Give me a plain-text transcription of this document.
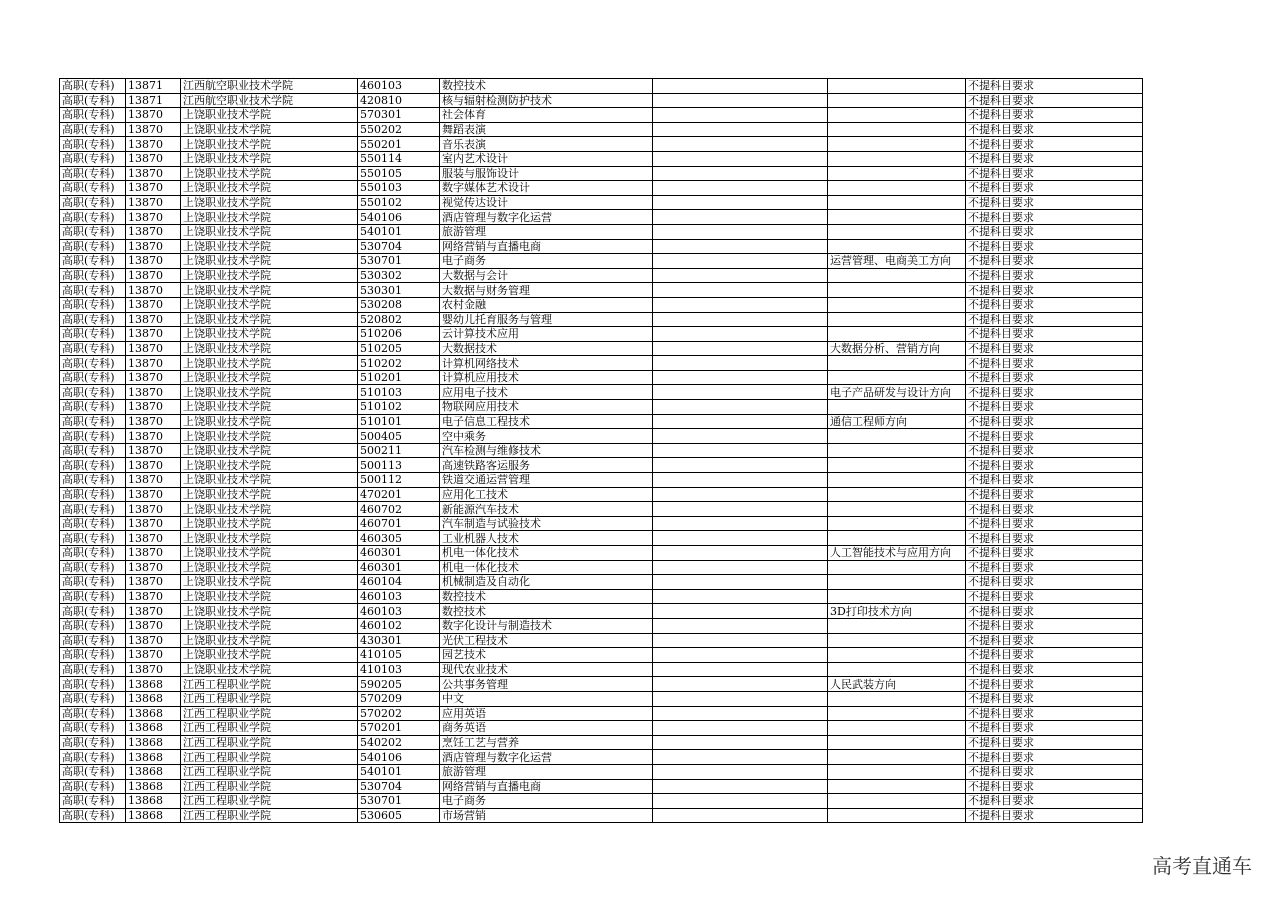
高职(专科)	13871	江西航空职业技术学院	460103	数控技术			不提科目要求
高职(专科)	13871	江西航空职业技术学院	420810	核与辐射检测防护技术			不提科目要求
高职(专科)	13870	上饶职业技术学院	570301	社会体育			不提科目要求
高职(专科)	13870	上饶职业技术学院	550202	舞蹈表演			不提科目要求
高职(专科)	13870	上饶职业技术学院	550201	音乐表演			不提科目要求
高职(专科)	13870	上饶职业技术学院	550114	室内艺术设计			不提科目要求
高职(专科)	13870	上饶职业技术学院	550105	服装与服饰设计			不提科目要求
高职(专科)	13870	上饶职业技术学院	550103	数字媒体艺术设计			不提科目要求
高职(专科)	13870	上饶职业技术学院	550102	视觉传达设计			不提科目要求
高职(专科)	13870	上饶职业技术学院	540106	酒店管理与数字化运营			不提科目要求
高职(专科)	13870	上饶职业技术学院	540101	旅游管理			不提科目要求
高职(专科)	13870	上饶职业技术学院	530704	网络营销与直播电商			不提科目要求
高职(专科)	13870	上饶职业技术学院	530701	电子商务		运营管理、电商美工方向	不提科目要求
高职(专科)	13870	上饶职业技术学院	530302	大数据与会计			不提科目要求
高职(专科)	13870	上饶职业技术学院	530301	大数据与财务管理			不提科目要求
高职(专科)	13870	上饶职业技术学院	530208	农村金融			不提科目要求
高职(专科)	13870	上饶职业技术学院	520802	婴幼儿托育服务与管理			不提科目要求
高职(专科)	13870	上饶职业技术学院	510206	云计算技术应用			不提科目要求
高职(专科)	13870	上饶职业技术学院	510205	大数据技术		大数据分析、营销方向	不提科目要求
高职(专科)	13870	上饶职业技术学院	510202	计算机网络技术			不提科目要求
高职(专科)	13870	上饶职业技术学院	510201	计算机应用技术			不提科目要求
高职(专科)	13870	上饶职业技术学院	510103	应用电子技术		电子产品研发与设计方向	不提科目要求
高职(专科)	13870	上饶职业技术学院	510102	物联网应用技术			不提科目要求
高职(专科)	13870	上饶职业技术学院	510101	电子信息工程技术		通信工程师方向	不提科目要求
高职(专科)	13870	上饶职业技术学院	500405	空中乘务			不提科目要求
高职(专科)	13870	上饶职业技术学院	500211	汽车检测与维修技术			不提科目要求
高职(专科)	13870	上饶职业技术学院	500113	高速铁路客运服务			不提科目要求
高职(专科)	13870	上饶职业技术学院	500112	铁道交通运营管理			不提科目要求
高职(专科)	13870	上饶职业技术学院	470201	应用化工技术			不提科目要求
高职(专科)	13870	上饶职业技术学院	460702	新能源汽车技术			不提科目要求
高职(专科)	13870	上饶职业技术学院	460701	汽车制造与试验技术			不提科目要求
高职(专科)	13870	上饶职业技术学院	460305	工业机器人技术			不提科目要求
高职(专科)	13870	上饶职业技术学院	460301	机电一体化技术		人工智能技术与应用方向	不提科目要求
高职(专科)	13870	上饶职业技术学院	460301	机电一体化技术			不提科目要求
高职(专科)	13870	上饶职业技术学院	460104	机械制造及自动化			不提科目要求
高职(专科)	13870	上饶职业技术学院	460103	数控技术			不提科目要求
高职(专科)	13870	上饶职业技术学院	460103	数控技术		3D打印技术方向	不提科目要求
高职(专科)	13870	上饶职业技术学院	460102	数字化设计与制造技术			不提科目要求
高职(专科)	13870	上饶职业技术学院	430301	光伏工程技术			不提科目要求
高职(专科)	13870	上饶职业技术学院	410105	园艺技术			不提科目要求
高职(专科)	13870	上饶职业技术学院	410103	现代农业技术			不提科目要求
高职(专科)	13868	江西工程职业学院	590205	公共事务管理		人民武装方向	不提科目要求
高职(专科)	13868	江西工程职业学院	570209	中文			不提科目要求
高职(专科)	13868	江西工程职业学院	570202	应用英语			不提科目要求
高职(专科)	13868	江西工程职业学院	570201	商务英语			不提科目要求
高职(专科)	13868	江西工程职业学院	540202	烹饪工艺与营养			不提科目要求
高职(专科)	13868	江西工程职业学院	540106	酒店管理与数字化运营			不提科目要求
高职(专科)	13868	江西工程职业学院	540101	旅游管理			不提科目要求
高职(专科)	13868	江西工程职业学院	530704	网络营销与直播电商			不提科目要求
高职(专科)	13868	江西工程职业学院	530701	电子商务			不提科目要求
高职(专科)	13868	江西工程职业学院	530605	市场营销			不提科目要求
高考直通车
